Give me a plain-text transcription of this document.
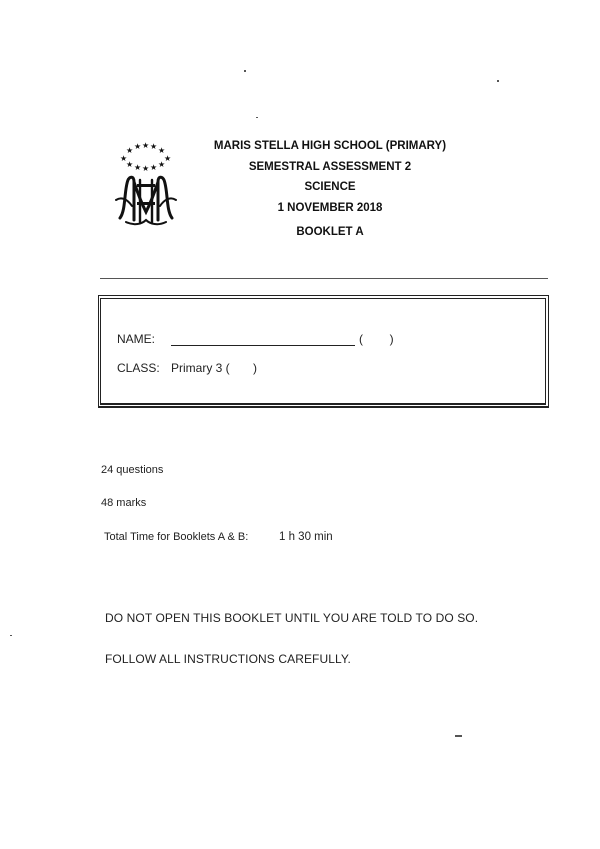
★ ★ ★ ★ ★
★	★
★ ★ ★ ★ ★
MARIS STELLA HIGH SCHOOL (PRIMARY)
SEMESTRAL ASSESSMENT 2
SCIENCE
1 NOVEMBER 2018
BOOKLET A
NAME:	(        )
CLASS: Primary 3 (       )
24 questions
48 marks
Total Time for Booklets A & B:	1 h 30 min
DO NOT OPEN THIS BOOKLET UNTIL YOU ARE TOLD TO DO SO.
FOLLOW ALL INSTRUCTIONS CAREFULLY.
